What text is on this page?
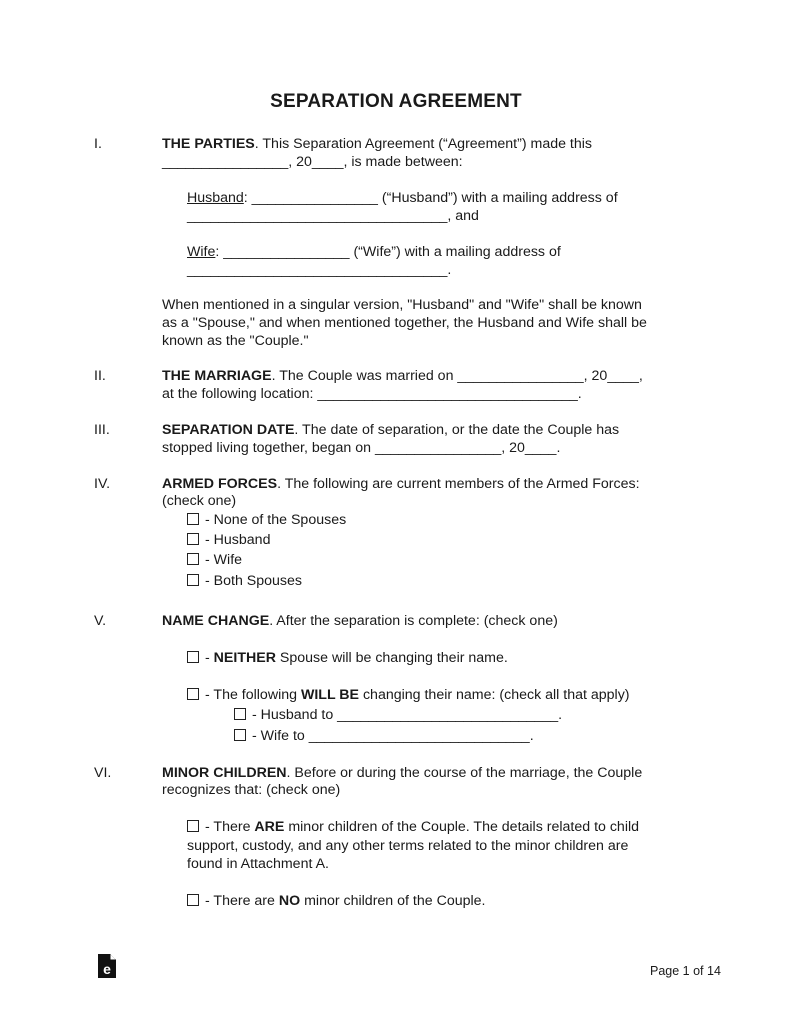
SEPARATION AGREEMENT
I.	THE PARTIES. This Separation Agreement (“Agreement”) made this
________________, 20____, is made between:
Husband: ________________ (“Husband”) with a mailing address of
_________________________________, and
Wife: ________________ (“Wife”) with a mailing address of
_________________________________.
When mentioned in a singular version, "Husband" and "Wife" shall be known
as a "Spouse," and when mentioned together, the Husband and Wife shall be
known as the "Couple."
II.	THE MARRIAGE. The Couple was married on ________________, 20____,
at the following location: _________________________________.
III.	SEPARATION DATE. The date of separation, or the date the Couple has
stopped living together, began on ________________, 20____.
IV.	ARMED FORCES. The following are current members of the Armed Forces:
(check one)
- None of the Spouses
- Husband
- Wife
- Both Spouses
V.	NAME CHANGE. After the separation is complete: (check one)
- NEITHER Spouse will be changing their name.
- The following WILL BE changing their name: (check all that apply)
- Husband to ____________________________.
- Wife to ____________________________.
VI.	MINOR CHILDREN. Before or during the course of the marriage, the Couple
recognizes that: (check one)
- There ARE minor children of the Couple. The details related to child
support, custody, and any other terms related to the minor children are
found in Attachment A.
- There are NO minor children of the Couple.
e	Page 1 of 14
